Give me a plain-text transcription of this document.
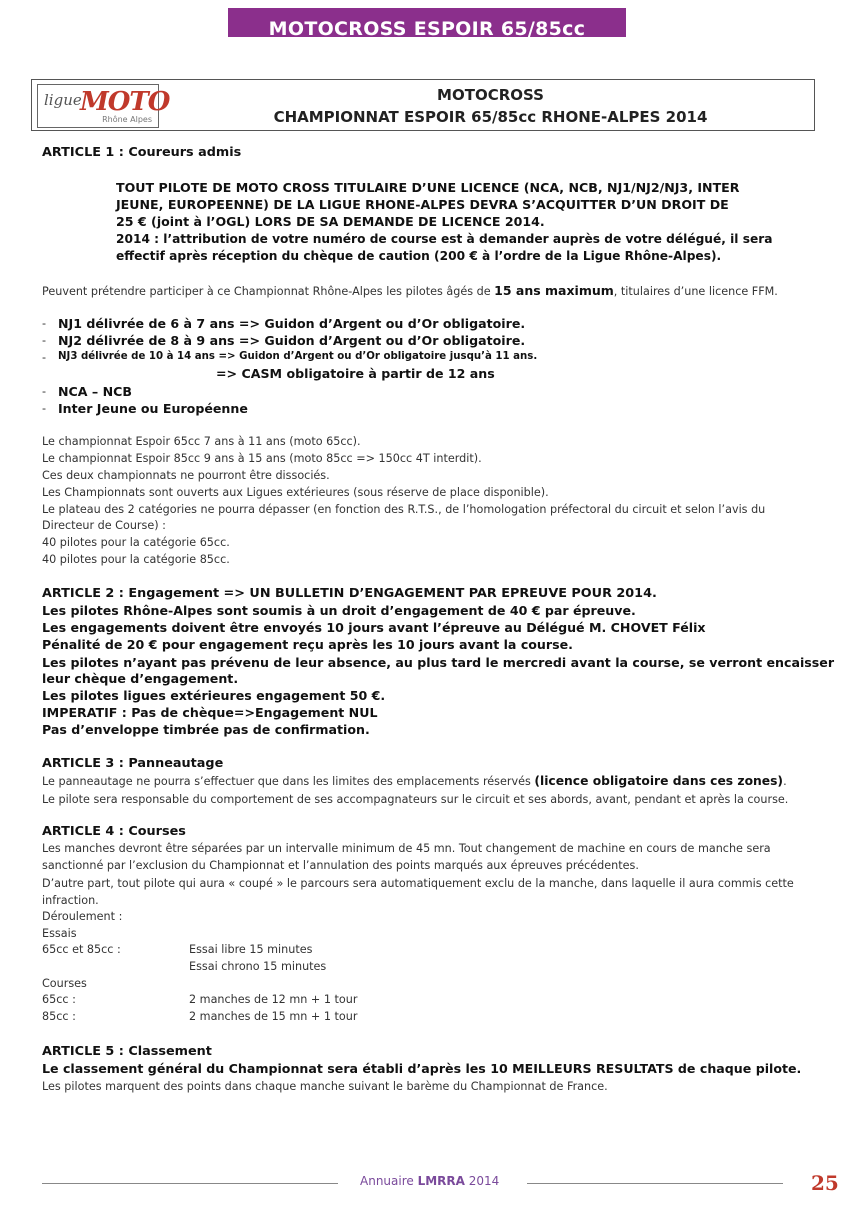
MOTOCROSS ESPOIR 65/85cc
ligue
MOTO
Rhône Alpes
MOTOCROSS
CHAMPIONNAT ESPOIR 65/85cc RHONE-ALPES 2014
ARTICLE 1 : Coureurs admis
TOUT PILOTE DE MOTO CROSS TITULAIRE D’UNE LICENCE (NCA, NCB, NJ1/NJ2/NJ3, INTER
JEUNE, EUROPEENNE) DE LA LIGUE RHONE-ALPES DEVRA S’ACQUITTER D’UN DROIT DE
25 € (joint à l’OGL) LORS DE SA DEMANDE DE LICENCE 2014.
2014 : l’attribution de votre numéro de course est à demander auprès de votre délégué, il sera
effectif après réception du chèque de caution (200 € à l’ordre de la Ligue Rhône-Alpes).
Peuvent prétendre participer à ce Championnat Rhône-Alpes les pilotes âgés de 15 ans maximum, titulaires d’une licence FFM.
- NJ1 délivrée de 6 à 7 ans => Guidon d’Argent ou d’Or obligatoire.
- NJ2 délivrée de 8 à 9 ans => Guidon d’Argent ou d’Or obligatoire.
- NJ3 délivrée de 10 à 14 ans => Guidon d’Argent ou d’Or obligatoire jusqu’à 11 ans.
=> CASM obligatoire à partir de 12 ans
- NCA – NCB
- Inter Jeune ou Européenne
Le championnat Espoir 65cc 7 ans à 11 ans (moto 65cc).
Le championnat Espoir 85cc 9 ans à 15 ans (moto 85cc => 150cc 4T interdit).
Ces deux championnats ne pourront être dissociés.
Les Championnats sont ouverts aux Ligues extérieures (sous réserve de place disponible).
Le plateau des 2 catégories ne pourra dépasser (en fonction des R.T.S., de l’homologation préfectoral du circuit et selon l’avis du
Directeur de Course) :
40 pilotes pour la catégorie 65cc.
40 pilotes pour la catégorie 85cc.
ARTICLE 2 : Engagement => UN BULLETIN D’ENGAGEMENT PAR EPREUVE POUR 2014.
Les pilotes Rhône-Alpes sont soumis à un droit d’engagement de 40 € par épreuve.
Les engagements doivent être envoyés 10 jours avant l’épreuve au Délégué M. CHOVET Félix
Pénalité de 20 € pour engagement reçu après les 10 jours avant la course.
Les pilotes n’ayant pas prévenu de leur absence, au plus tard le mercredi avant la course, se verront encaisser
leur chèque d’engagement.
Les pilotes ligues extérieures engagement 50 €.
IMPERATIF : Pas de chèque=>Engagement NUL
Pas d’enveloppe timbrée pas de confirmation.
ARTICLE 3 : Panneautage
Le panneautage ne pourra s’effectuer que dans les limites des emplacements réservés (licence obligatoire dans ces zones).
Le pilote sera responsable du comportement de ses accompagnateurs sur le circuit et ses abords, avant, pendant et après la course.
ARTICLE 4 : Courses
Les manches devront être séparées par un intervalle minimum de 45 mn. Tout changement de machine en cours de manche sera
sanctionné par l’exclusion du Championnat et l’annulation des points marqués aux épreuves précédentes.
D’autre part, tout pilote qui aura « coupé » le parcours sera automatiquement exclu de la manche, dans laquelle il aura commis cette
infraction.
Déroulement :
Essais
65cc et 85cc :	Essai libre 15 minutes
Essai chrono 15 minutes
Courses
65cc :	2 manches de 12 mn + 1 tour
85cc :	2 manches de 15 mn + 1 tour
ARTICLE 5 : Classement
Le classement général du Championnat sera établi d’après les 10 MEILLEURS RESULTATS de chaque pilote.
Les pilotes marquent des points dans chaque manche suivant le barème du Championnat de France.
Annuaire LMRRA 2014	25
